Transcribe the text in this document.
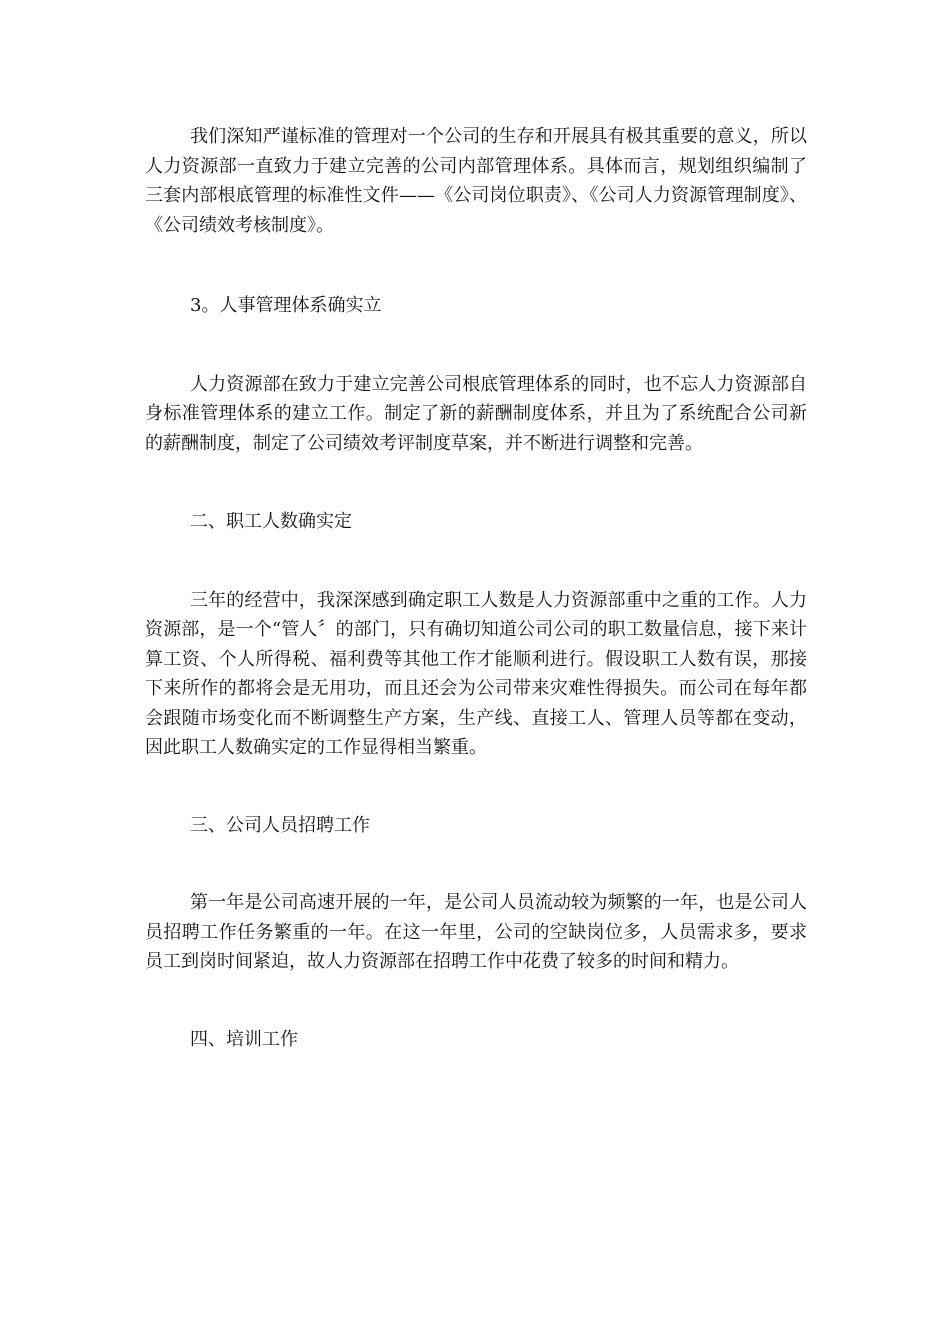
我们深知严谨标准的管理对一个公司的生存和开展具有极其重要的意义，所以人力资源部一直致力于建立完善的公司内部管理体系。具体而言，规划组织编制了三套内部根底管理的标准性文件——《公司岗位职责》、《公司人力资源管理制度》、《公司绩效考核制度》。

3。人事管理体系确实立

人力资源部在致力于建立完善公司根底管理体系的同时，也不忘人力资源部自身标准管理体系的建立工作。制定了新的薪酬制度体系，并且为了系统配合公司新的薪酬制度，制定了公司绩效考评制度草案，并不断进行调整和完善。

二、职工人数确实定

三年的经营中，我深深感到确定职工人数是人力资源部重中之重的工作。人力资源部，是一个“管人〞的部门，只有确切知道公司公司的职工数量信息，接下来计算工资、个人所得税、福利费等其他工作才能顺利进行。假设职工人数有误，那接下来所作的都将会是无用功，而且还会为公司带来灾难性得损失。而公司在每年都会跟随市场变化而不断调整生产方案，生产线、直接工人、管理人员等都在变动，因此职工人数确实定的工作显得相当繁重。

三、公司人员招聘工作

第一年是公司高速开展的一年，是公司人员流动较为频繁的一年，也是公司人员招聘工作任务繁重的一年。在这一年里，公司的空缺岗位多，人员需求多，要求员工到岗时间紧迫，故人力资源部在招聘工作中花费了较多的时间和精力。

四、培训工作
